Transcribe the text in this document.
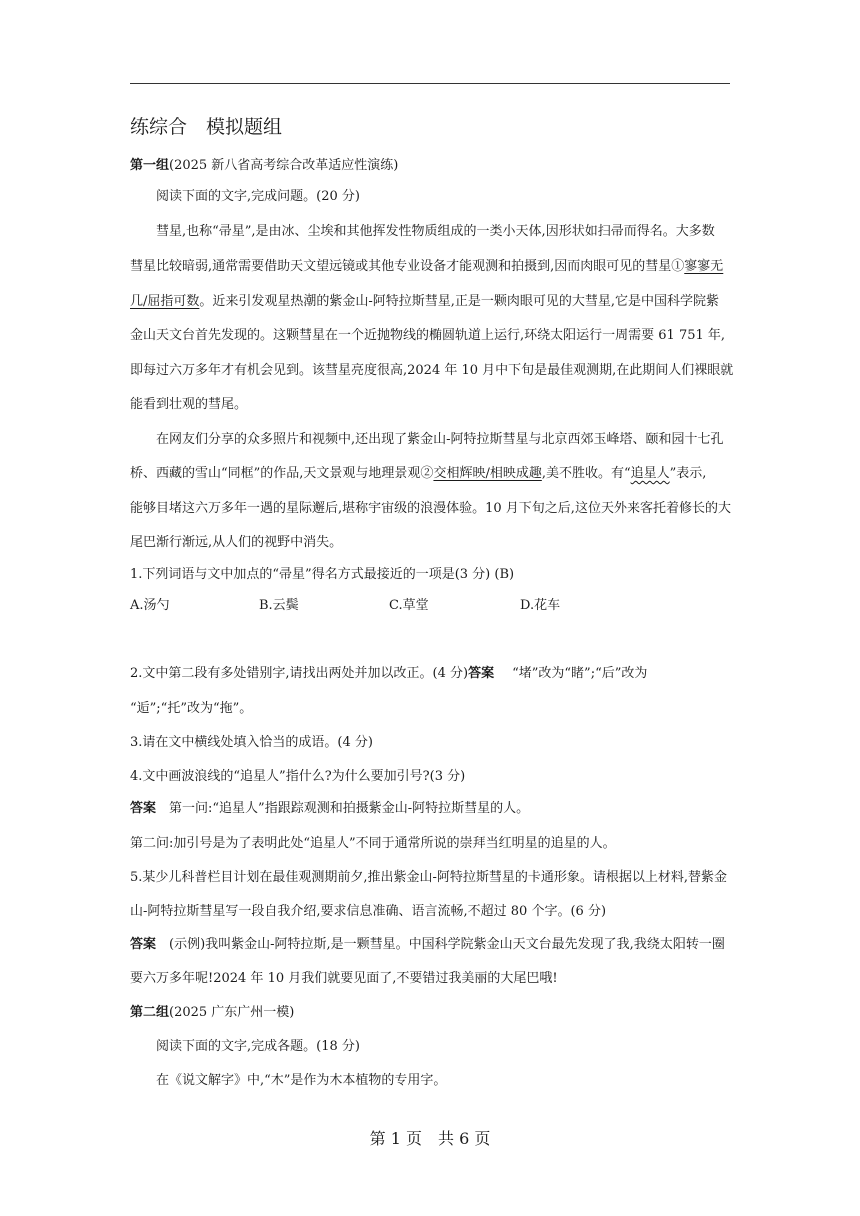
练综合　模拟题组
第一组(2025 新八省高考综合改革适应性演练)
阅读下面的文字,完成问题。(20 分)
彗星,也称“帚星”,是由冰、尘埃和其他挥发性物质组成的一类小天体,因形状如扫帚而得名。大多数
彗星比较暗弱,通常需要借助天文望远镜或其他专业设备才能观测和拍摄到,因而肉眼可见的彗星①寥寥无
几/屈指可数。近来引发观星热潮的紫金山-阿特拉斯彗星,正是一颗肉眼可见的大彗星,它是中国科学院紫
金山天文台首先发现的。这颗彗星在一个近抛物线的椭圆轨道上运行,环绕太阳运行一周需要 61 751 年,
即每过六万多年才有机会见到。该彗星亮度很高,2024 年 10 月中下旬是最佳观测期,在此期间人们裸眼就
能看到壮观的彗尾。
在网友们分享的众多照片和视频中,还出现了紫金山-阿特拉斯彗星与北京西郊玉峰塔、颐和园十七孔
桥、西藏的雪山“同框”的作品,天文景观与地理景观②交相辉映/相映成趣,美不胜收。有“追星人”表示,
能够目堵这六万多年一遇的星际邂后,堪称宇宙级的浪漫体验。10 月下旬之后,这位天外来客托着修长的大
尾巴渐行渐远,从人们的视野中消失。
1.下列词语与文中加点的“帚星”得名方式最接近的一项是(3 分) (B)
A.汤勺	B.云鬓	C.草堂	D.花车
2.文中第二段有多处错别字,请找出两处并加以改正。(4 分)答案 “堵”改为“睹”;“后”改为
“逅”;“托”改为“拖”。
3.请在文中横线处填入恰当的成语。(4 分)
4.文中画波浪线的“追星人”指什么?为什么要加引号?(3 分)
答案 第一问:“追星人”指跟踪观测和拍摄紫金山-阿特拉斯彗星的人。
第二问:加引号是为了表明此处“追星人”不同于通常所说的崇拜当红明星的追星的人。
5.某少儿科普栏目计划在最佳观测期前夕,推出紫金山-阿特拉斯彗星的卡通形象。请根据以上材料,替紫金
山-阿特拉斯彗星写一段自我介绍,要求信息准确、语言流畅,不超过 80 个字。(6 分)
答案 (示例)我叫紫金山-阿特拉斯,是一颗彗星。中国科学院紫金山天文台最先发现了我,我绕太阳转一圈
要六万多年呢!2024 年 10 月我们就要见面了,不要错过我美丽的大尾巴哦!
第二组(2025 广东广州一模)
阅读下面的文字,完成各题。(18 分)
在《说文解字》中,“木”是作为木本植物的专用字。
第 1 页　共 6 页
